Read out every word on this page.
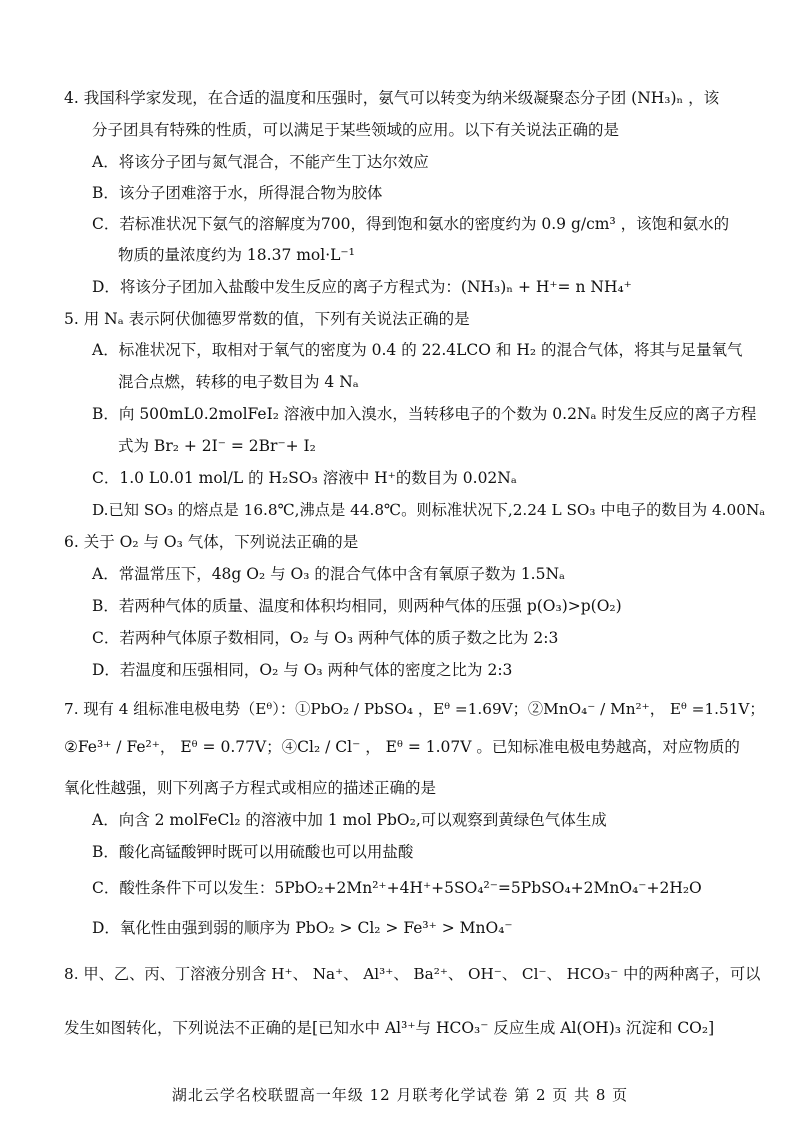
4. 我国科学家发现，在合适的温度和压强时，氨气可以转变为纳米级凝聚态分子团 (NH₃)ₙ ，该
分子团具有特殊的性质，可以满足于某些领域的应用。以下有关说法正确的是
A．将该分子团与氮气混合，不能产生丁达尔效应
B．该分子团难溶于水，所得混合物为胶体
C．若标准状况下氨气的溶解度为700，得到饱和氨水的密度约为 0.9 g/cm³ ，该饱和氨水的
物质的量浓度约为 18.37 mol·L⁻¹
D．将该分子团加入盐酸中发生反应的离子方程式为：(NH₃)ₙ + H⁺= n NH₄⁺
5. 用 Nₐ 表示阿伏伽德罗常数的值，下列有关说法正确的是
A．标准状况下，取相对于氧气的密度为 0.4 的 22.4LCO 和 H₂ 的混合气体，将其与足量氧气
混合点燃，转移的电子数目为 4 Nₐ
B．向 500mL0.2molFeI₂ 溶液中加入溴水，当转移电子的个数为 0.2Nₐ 时发生反应的离子方程
式为 Br₂ + 2I⁻ = 2Br⁻+ I₂
C．1.0 L0.01 mol/L 的 H₂SO₃ 溶液中 H⁺的数目为 0.02Nₐ
D.已知 SO₃ 的熔点是 16.8℃,沸点是 44.8℃。则标准状况下,2.24 L SO₃ 中电子的数目为 4.00Nₐ
6. 关于 O₂ 与 O₃ 气体，下列说法正确的是
A．常温常压下，48g O₂ 与 O₃ 的混合气体中含有氧原子数为 1.5Nₐ
B．若两种气体的质量、温度和体积均相同，则两种气体的压强 p(O₃)>p(O₂)
C．若两种气体原子数相同，O₂ 与 O₃ 两种气体的质子数之比为 2:3
D．若温度和压强相同，O₂ 与 O₃ 两种气体的密度之比为 2:3
7. 现有 4 组标准电极电势（Eᶿ）：①PbO₂ / PbSO₄ ，Eᶿ =1.69V；②MnO₄⁻ / Mn²⁺， Eᶿ =1.51V；
②Fe³⁺ / Fe²⁺， Eᶿ = 0.77V；④Cl₂ / Cl⁻ ， Eᶿ = 1.07V 。已知标准电极电势越高，对应物质的
氧化性越强，则下列离子方程式或相应的描述正确的是
A．向含 2 molFeCl₂ 的溶液中加 1 mol PbO₂,可以观察到黄绿色气体生成
B．酸化高锰酸钾时既可以用硫酸也可以用盐酸
C．酸性条件下可以发生：5PbO₂+2Mn²⁺+4H⁺+5SO₄²⁻=5PbSO₄+2MnO₄⁻+2H₂O
D．氧化性由强到弱的顺序为 PbO₂ > Cl₂ > Fe³⁺ > MnO₄⁻
8. 甲、乙、丙、丁溶液分别含 H⁺、 Na⁺、 Al³⁺、 Ba²⁺、 OH⁻、 Cl⁻、 HCO₃⁻ 中的两种离子，可以
发生如图转化，下列说法不正确的是[已知水中 Al³⁺与 HCO₃⁻ 反应生成 Al(OH)₃ 沉淀和 CO₂]
湖北云学名校联盟高一年级 12 月联考化学试卷 第 2 页 共 8 页
